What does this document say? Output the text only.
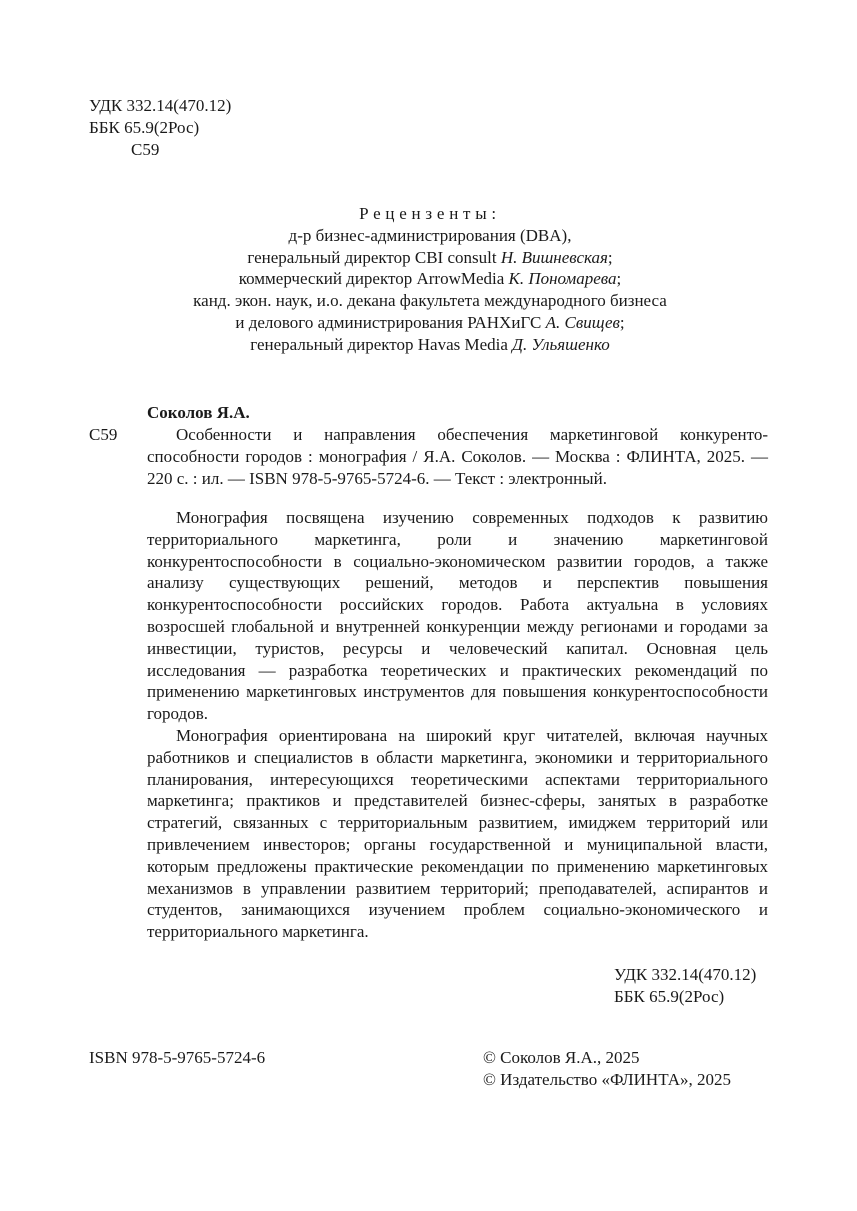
УДК 332.14(470.12)
ББК 65.9(2Рос)
С59
Рецензенты:
д-р бизнес-администрирования (DBA),
генеральный директор CBI consult Н. Вишневская;
коммерческий директор ArrowMedia К. Пономарева;
канд. экон. наук, и.о. декана факультета международного бизнеса
и делового администрирования РАНХиГС А. Свищев;
генеральный директор Havas Media Д. Ульяшенко
Соколов Я.А.
С59	Особенности и направления обеспечения маркетинговой конкуренто-способности городов : монография / Я.А. Соколов. — Москва : ФЛИНТА, 2025. — 220 с. : ил. — ISBN 978-5-9765-5724-6. — Текст : электронный.

Монография посвящена изучению современных подходов к развитию территориального маркетинга, роли и значению маркетинговой конкурентоспособности в социально-экономическом развитии городов, а также анализу существующих решений, методов и перспектив повышения конкурентоспособности российских городов. Работа актуальна в условиях возросшей глобальной и внутренней конкуренции между регионами и городами за инвестиции, туристов, ресурсы и человеческий капитал. Основная цель исследования — разработка теоретических и практических рекомендаций по применению маркетинговых инструментов для повышения конкурентоспособности городов.

Монография ориентирована на широкий круг читателей, включая научных работников и специалистов в области маркетинга, экономики и территориального планирования, интересующихся теоретическими аспектами территориального маркетинга; практиков и представителей бизнес-сферы, занятых в разработке стратегий, связанных с территориальным развитием, имиджем территорий или привлечением инвесторов; органы государственной и муниципальной власти, которым предложены практические рекомендации по применению маркетинговых механизмов в управлении развитием территорий; преподавателей, аспирантов и студентов, занимающихся изучением проблем социально-экономического и территориального маркетинга.

УДК 332.14(470.12)
ББК 65.9(2Рос)
ISBN 978-5-9765-5724-6	© Соколов Я.А., 2025
© Издательство «ФЛИНТА», 2025
